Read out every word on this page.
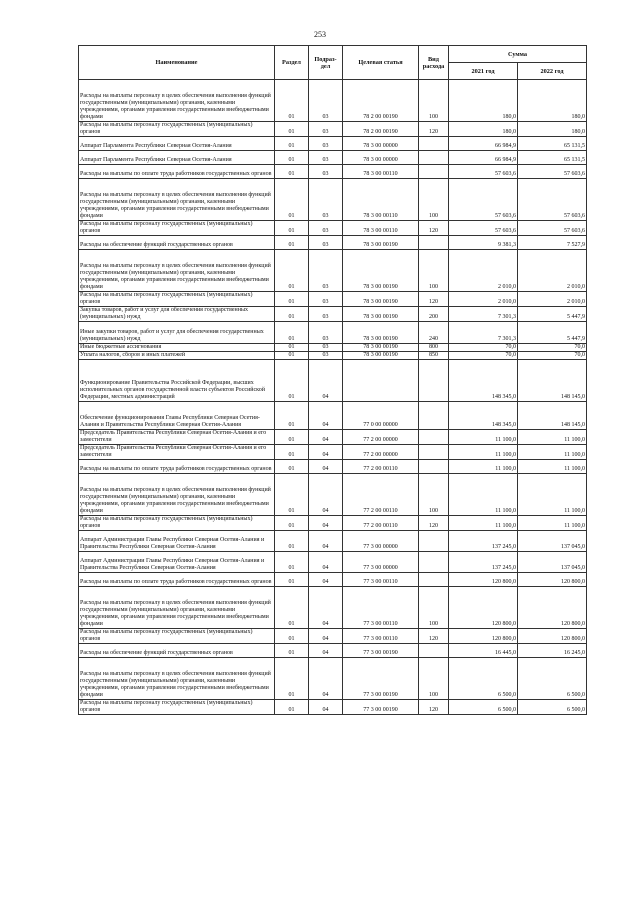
253
Наименование	Раздел	Подраз- дел	Целевая статья	Вид расхода	Сумма	
					2021 год	2022 год
Расходы на выплаты персоналу в целях обеспечения выполнения функций государственными (муниципальными) органами, казенными учреждениями, органами управления государственными внебюджетными фондами	01	03	78 2 00 00190	100	180,0	180,0
Расходы на выплаты персоналу государственных (муниципальных) органов	01	03	78 2 00 00190	120	180,0	180,0
Аппарат Парламента Республики Северная Осетия-Алания	01	03	78 3 00 00000		66 984,9	65 131,5
Аппарат Парламента Республики Северная Осетия-Алания	01	03	78 3 00 00000		66 984,9	65 131,5
Расходы на выплаты по оплате труда работников государственных органов	01	03	78 3 00 00110		57 603,6	57 603,6
Расходы на выплаты персоналу в целях обеспечения выполнения функций государственными (муниципальными) органами, казенными учреждениями, органами управления государственными внебюджетными фондами	01	03	78 3 00 00110	100	57 603,6	57 603,6
Расходы на выплаты персоналу государственных (муниципальных) органов	01	03	78 3 00 00110	120	57 603,6	57 603,6
Расходы на обеспечение функций государственных органов	01	03	78 3 00 00190		9 381,3	7 527,9
Расходы на выплаты персоналу в целях обеспечения выполнения функций государственными (муниципальными) органами, казенными учреждениями, органами управления государственными внебюджетными фондами	01	03	78 3 00 00190	100	2 010,0	2 010,0
Расходы на выплаты персоналу государственных (муниципальных) органов	01	03	78 3 00 00190	120	2 010,0	2 010,0
Закупка товаров, работ и услуг для обеспечения государственных (муниципальных) нужд	01	03	78 3 00 00190	200	7 301,3	5 447,9
Иные закупки товаров, работ и услуг для обеспечения государственных (муниципальных) нужд	01	03	78 3 00 00190	240	7 301,3	5 447,9
Иные бюджетные ассигнования	01	03	78 3 00 00190	800	70,0	70,0
Уплата налогов, сборов и иных платежей	01	03	78 3 00 00190	850	70,0	70,0
Функционирование Правительства Российской Федерации, высших исполнительных органов государственной власти субъектов Российской Федерации, местных администраций	01	04			148 345,0	148 145,0
Обеспечение функционирования Главы Республики Северная Осетия-Алания и Правительства Республики Северная Осетия-Алания	01	04	77 0 00 00000		148 345,0	148 145,0
Председатель Правительства Республики Северная Осетия-Алания и его заместители	01	04	77 2 00 00000		11 100,0	11 100,0
Председатель Правительства Республики Северная Осетия-Алания и его заместители	01	04	77 2 00 00000		11 100,0	11 100,0
Расходы на выплаты по оплате труда работников государственных органов	01	04	77 2 00 00110		11 100,0	11 100,0
Расходы на выплаты персоналу в целях обеспечения выполнения функций государственными (муниципальными) органами, казенными учреждениями, органами управления государственными внебюджетными фондами	01	04	77 2 00 00110	100	11 100,0	11 100,0
Расходы на выплаты персоналу государственных (муниципальных) органов	01	04	77 2 00 00110	120	11 100,0	11 100,0
Аппарат Администрации Главы Республики Северная Осетия-Алания и Правительства Республики Северная Осетия-Алания	01	04	77 3 00 00000		137 245,0	137 045,0
Аппарат Администрации Главы Республики Северная Осетия-Алания и Правительства Республики Северная Осетия-Алания	01	04	77 3 00 00000		137 245,0	137 045,0
Расходы на выплаты по оплате труда работников государственных органов	01	04	77 3 00 00110		120 800,0	120 800,0
Расходы на выплаты персоналу в целях обеспечения выполнения функций государственными (муниципальными) органами, казенными учреждениями, органами управления государственными внебюджетными фондами	01	04	77 3 00 00110	100	120 800,0	120 800,0
Расходы на выплаты персоналу государственных (муниципальных) органов	01	04	77 3 00 00110	120	120 800,0	120 800,0
Расходы на обеспечение функций государственных органов	01	04	77 3 00 00190		16 445,0	16 245,0
Расходы на выплаты персоналу в целях обеспечения выполнения функций государственными (муниципальными) органами, казенными учреждениями, органами управления государственными внебюджетными фондами	01	04	77 3 00 00190	100	6 500,0	6 500,0
Расходы на выплаты персоналу государственных (муниципальных) органов	01	04	77 3 00 00190	120	6 500,0	6 500,0
